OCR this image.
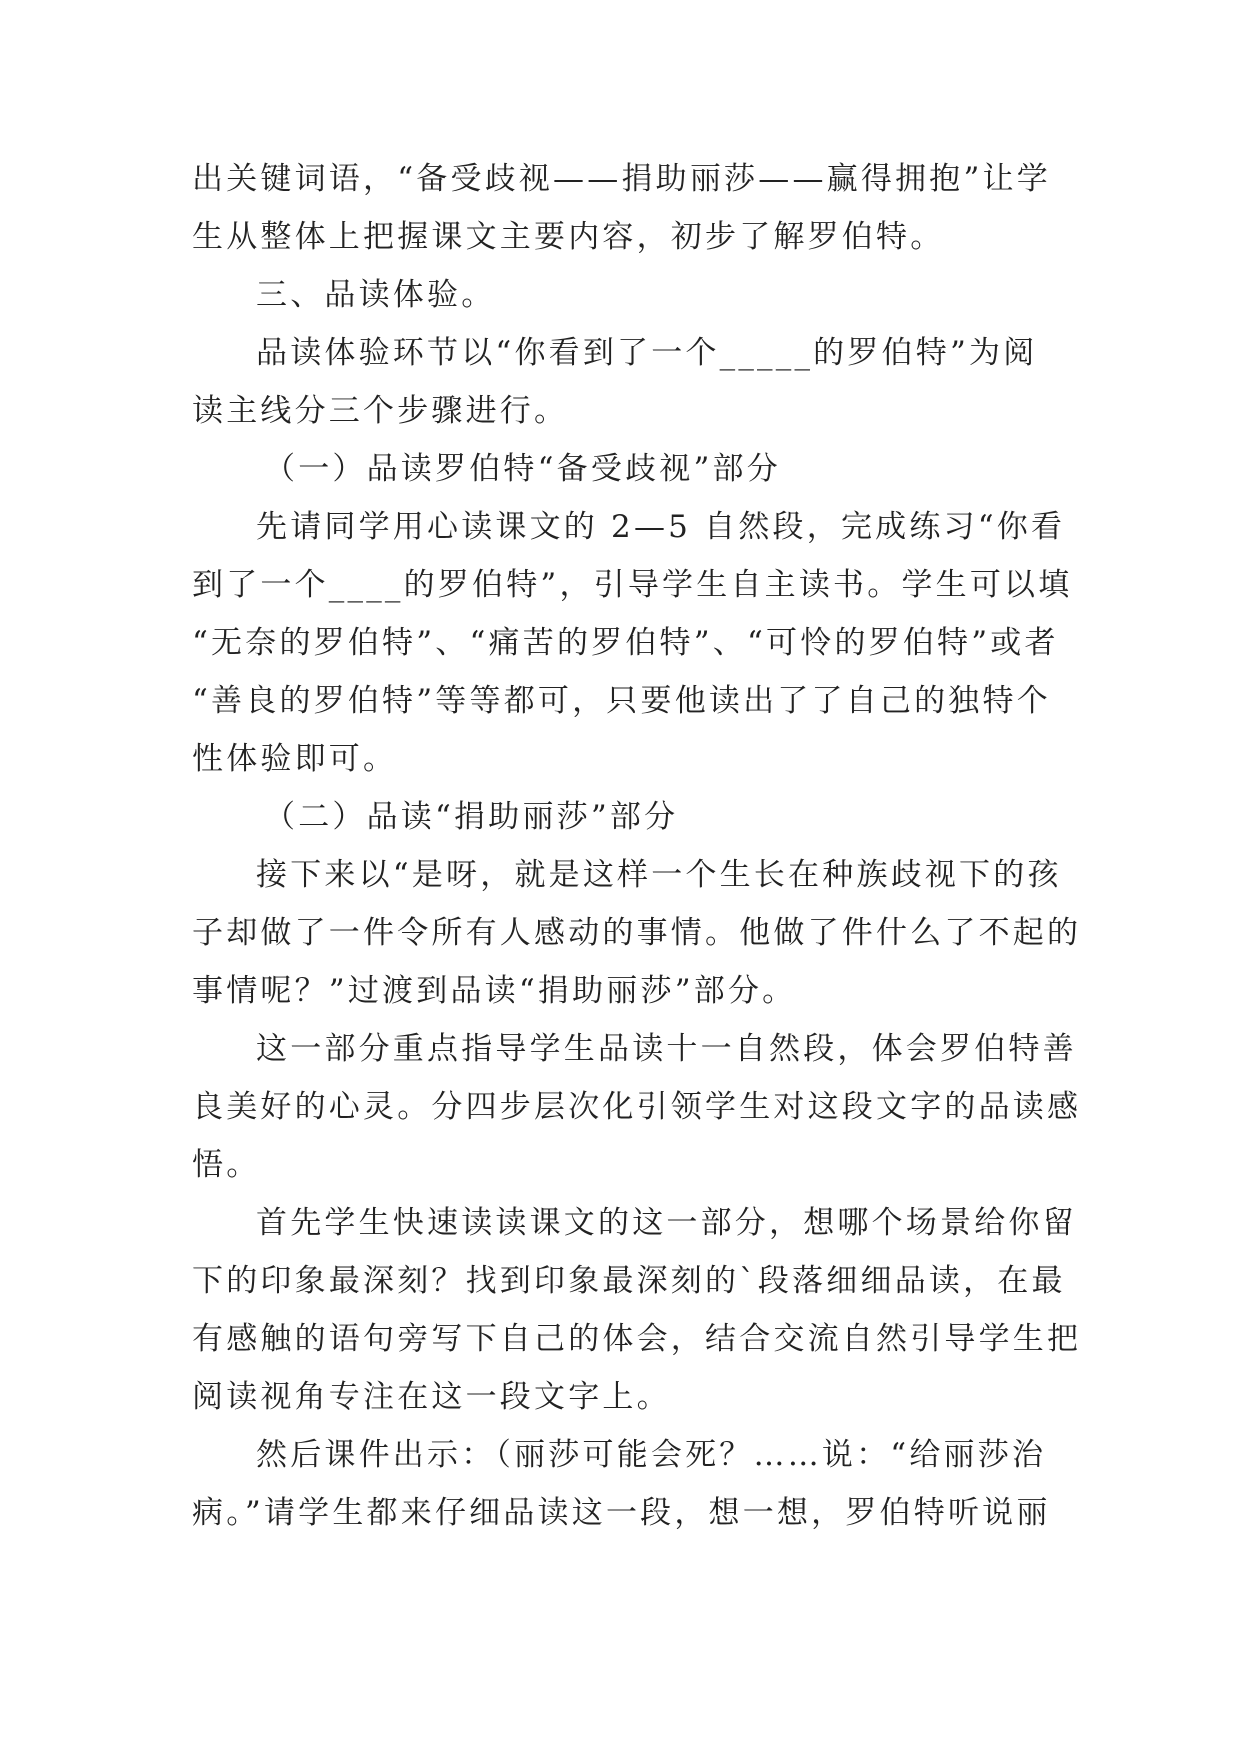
出关键词语，“备受歧视——捐助丽莎——赢得拥抱”让学
生从整体上把握课文主要内容，初步了解罗伯特。
三、品读体验。
品读体验环节以“你看到了一个_____的罗伯特”为阅
读主线分三个步骤进行。
（一）品读罗伯特“备受歧视”部分
先请同学用心读课文的 2—5 自然段，完成练习“你看
到了一个____的罗伯特”，引导学生自主读书。学生可以填
“无奈的罗伯特”、“痛苦的罗伯特”、“可怜的罗伯特”或者
“善良的罗伯特”等等都可，只要他读出了了自己的独特个
性体验即可。
（二）品读“捐助丽莎”部分
接下来以“是呀，就是这样一个生长在种族歧视下的孩
子却做了一件令所有人感动的事情。他做了件什么了不起的
事情呢？”过渡到品读“捐助丽莎”部分。
这一部分重点指导学生品读十一自然段，体会罗伯特善
良美好的心灵。分四步层次化引领学生对这段文字的品读感
悟。
首先学生快速读读课文的这一部分，想哪个场景给你留
下的印象最深刻？找到印象最深刻的`段落细细品读，在最
有感触的语句旁写下自己的体会，结合交流自然引导学生把
阅读视角专注在这一段文字上。
然后课件出示：（丽莎可能会死？……说：“给丽莎治
病。”请学生都来仔细品读这一段，想一想，罗伯特听说丽
